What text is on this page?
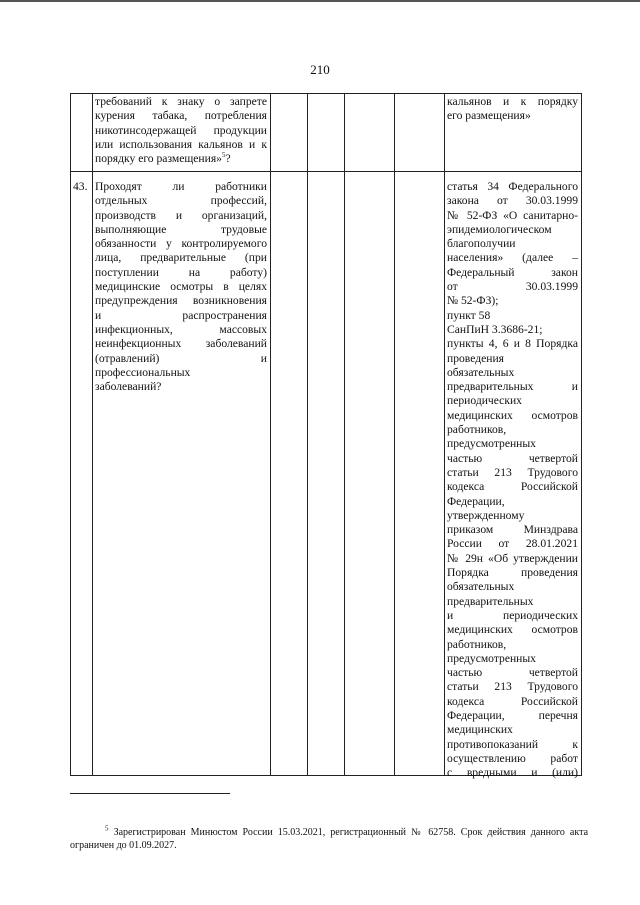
210
требований к знаку о запрете
курения табака, потребления
никотинсодержащей продукции
или использования кальянов и к
порядку его размещения»$^5$?
кальянов и к порядку
его размещения»
43. Проходят ли работники
отдельных профессий,
производств и организаций,
выполняющие трудовые
обязанности у контролируемого
лица, предварительные (при
поступлении на работу)
медицинские осмотры в целях
предупреждения возникновения
и распространения
инфекционных, массовых
неинфекционных заболеваний
(отравлений) и
профессиональных
заболеваний?
статья 34 Федерального
закона от 30.03.1999
№ 52-ФЗ «О санитарно-
эпидемиологическом
благополучии
населения» (далее –
Федеральный закон
от 30.03.1999
№ 52-ФЗ);
пункт 58
СанПиН 3.3686-21;
пункты 4, 6 и 8 Порядка
проведения
обязательных
предварительных и
периодических
медицинских осмотров
работников,
предусмотренных
частью четвертой
статьи 213 Трудового
кодекса Российской
Федерации,
утвержденному
приказом Минздрава
России от 28.01.2021
№ 29н «Об утверждении
Порядка проведения
обязательных
предварительных
и периодических
медицинских осмотров
работников,
предусмотренных
частью четвертой
статьи 213 Трудового
кодекса Российской
Федерации, перечня
медицинских
противопоказаний к
осуществлению работ
с вредными и (или)
$^5$ Зарегистрирован Минюстом России 15.03.2021, регистрационный № 62758. Срок действия данного акта ограничен до 01.09.2027.
